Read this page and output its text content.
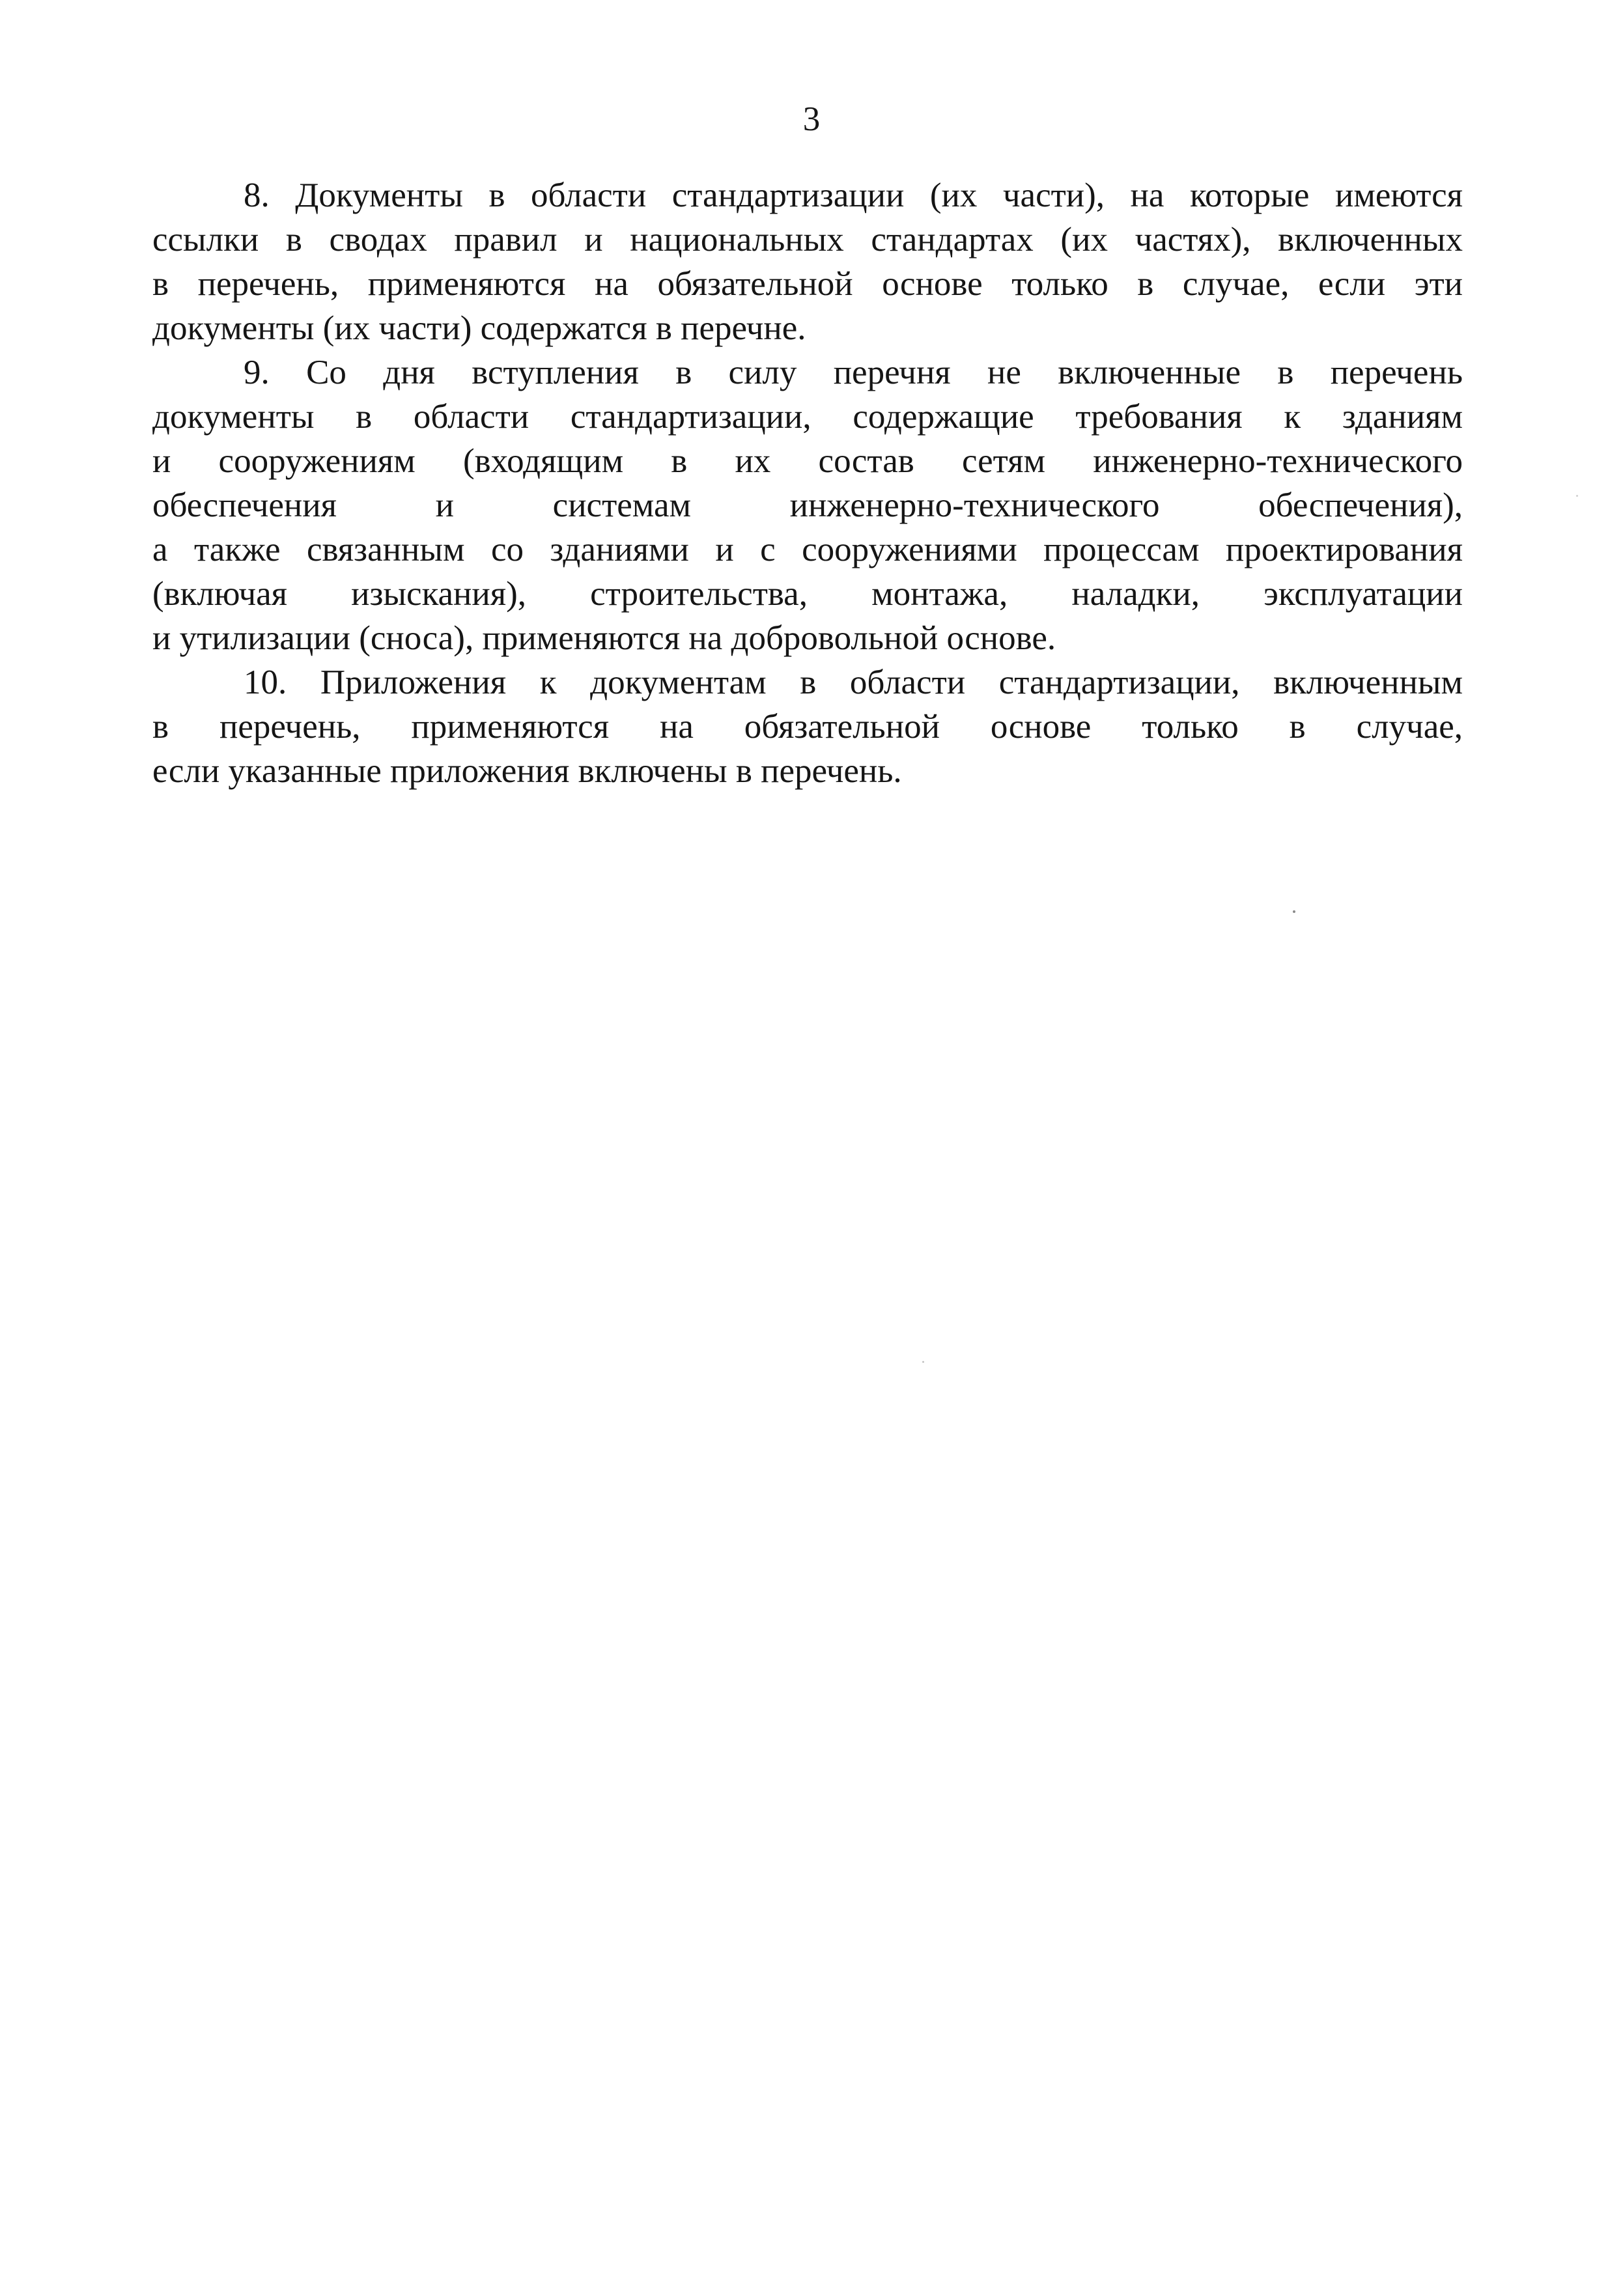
3
8. Документы в области стандартизации (их части), на которые имеются
ссылки в сводах правил и национальных стандартах (их частях), включенных
в перечень, применяются на обязательной основе только в случае, если эти
документы (их части) содержатся в перечне.
9. Со дня вступления в силу перечня не включенные в перечень
документы в области стандартизации, содержащие требования к зданиям
и сооружениям (входящим в их состав сетям инженерно-технического
обеспечения и системам инженерно-технического обеспечения),
а также связанным со зданиями и с сооружениями процессам проектирования
(включая изыскания), строительства, монтажа, наладки, эксплуатации
и утилизации (сноса), применяются на добровольной основе.
10. Приложения к документам в области стандартизации, включенным
в перечень, применяются на обязательной основе только в случае,
если указанные приложения включены в перечень.
